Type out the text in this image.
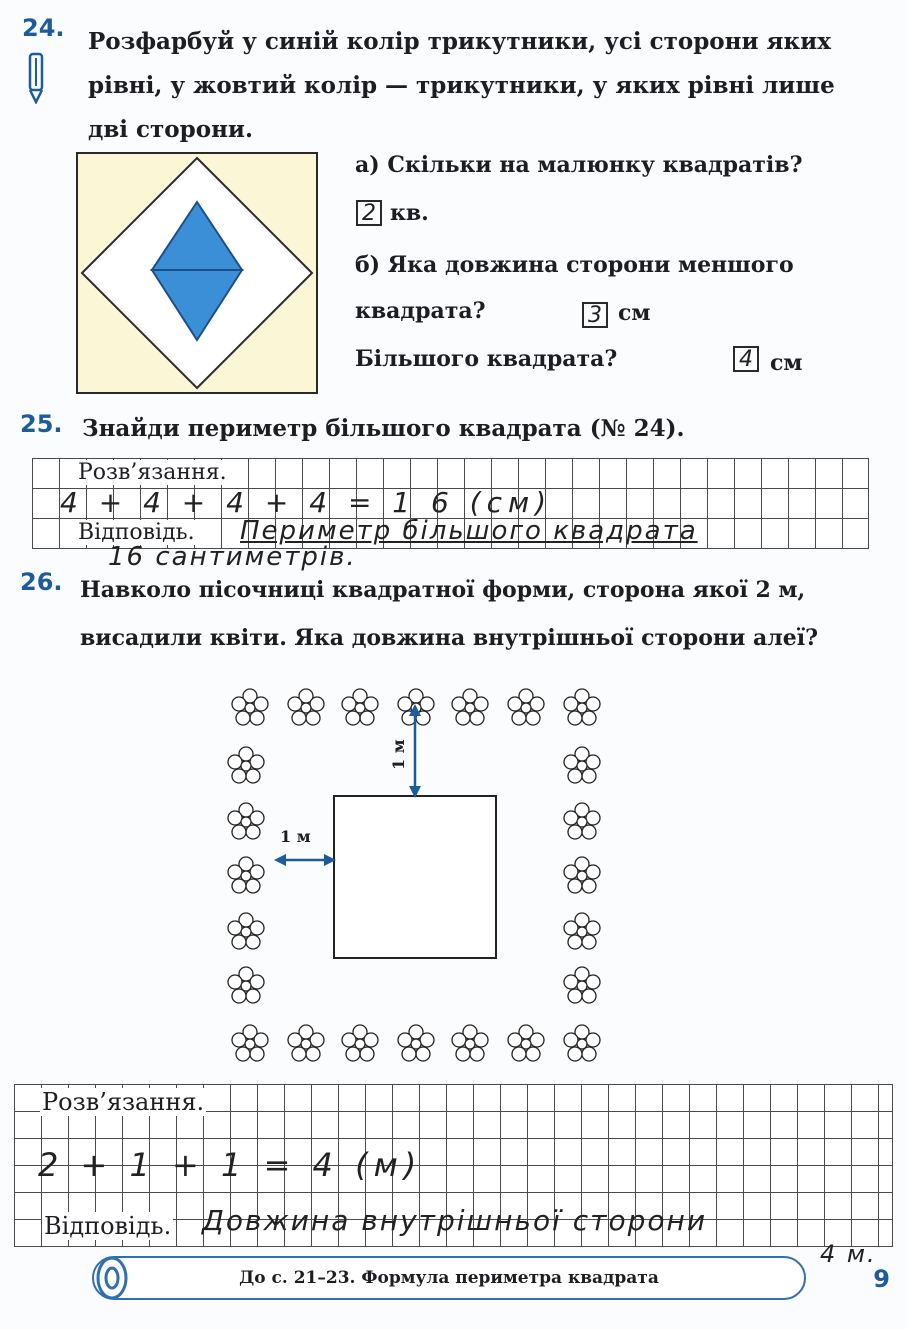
24. Розфарбуй у синій колір трикутники, усі сторони яких
рівні, у жовтий колір — трикутники, у яких рівні лише
дві сторони.
а) Скільки на малюнку квадратів?
2 кв.
б) Яка довжина сторони меншого
квадрата?	3 см
Більшого квадрата?	4 см
25. Знайди периметр більшого квадрата (№ 24).
Розв’язання.
4 + 4 + 4 + 4 = 1 6 (см)
Відповідь. Периметр більшого квадрата
16 сантиметрів.
26. Навколо пісочниці квадратної форми, сторона якої 2 м,
висадили квіти. Яка довжина внутрішньої сторони алеї?
1 м
1 м
Розв’язання.
2 + 1 + 1 = 4 (м)
Відповідь. Довжина внутрішньої сторони
4 м.
До с. 21–23. Формула периметра квадрата	9
